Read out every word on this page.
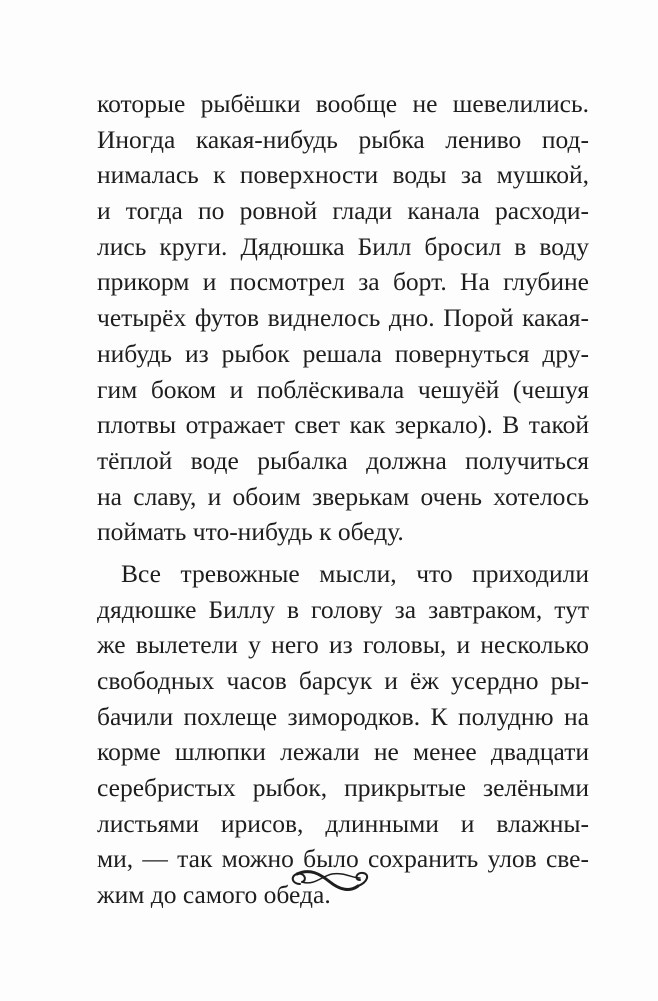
которые рыбёшки вообще не шевелились.
Иногда какая-нибудь рыбка лениво под-
нималась к поверхности воды за мушкой,
и тогда по ровной глади канала расходи-
лись круги. Дядюшка Билл бросил в воду
прикорм и посмотрел за борт. На глубине
четырёх футов виднелось дно. Порой какая-
нибудь из рыбок решала повернуться дру-
гим боком и поблёскивала чешуёй (чешуя
плотвы отражает свет как зеркало). В такой
тёплой воде рыбалка должна получиться
на славу, и обоим зверькам очень хотелось
поймать что-нибудь к обеду.
Все тревожные мысли, что приходили
дядюшке Биллу в голову за завтраком, тут
же вылетели у него из головы, и несколько
свободных часов барсук и ёж усердно ры-
бачили похлеще зимородков. К полудню на
корме шлюпки лежали не менее двадцати
серебристых рыбок, прикрытые зелёными
листьями ирисов, длинными и влажны-
ми, — так можно было сохранить улов све-
жим до самого обеда.
